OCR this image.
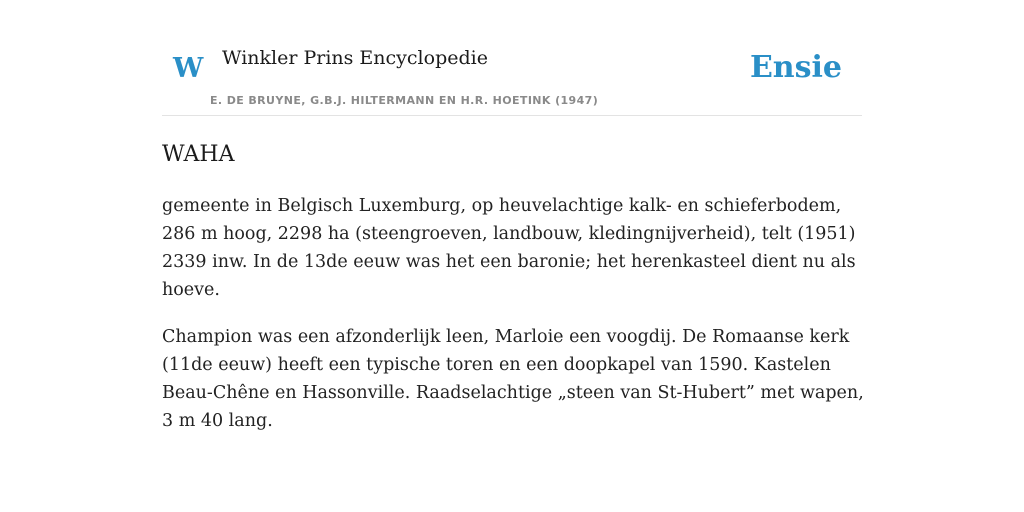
W Winkler Prins Encyclopedie
E. DE BRUYNE, G.B.J. HILTERMANN EN H.R. HOETINK (1947)
Ensie
WAHA

gemeente in Belgisch Luxemburg, op heuvelachtige kalk- en schieferbodem, 286 m hoog, 2298 ha (steengroeven, landbouw, kledingnijverheid), telt (1951) 2339 inw. In de 13de eeuw was het een baronie; het herenkasteel dient nu als hoeve.

Champion was een afzonderlijk leen, Marloie een voogdij. De Romaanse kerk (11de eeuw) heeft een typische toren en een doopkapel van 1590. Kastelen Beau-Chêne en Hassonville. Raadselachtige „steen van St-Hubert” met wapen, 3 m 40 lang.
